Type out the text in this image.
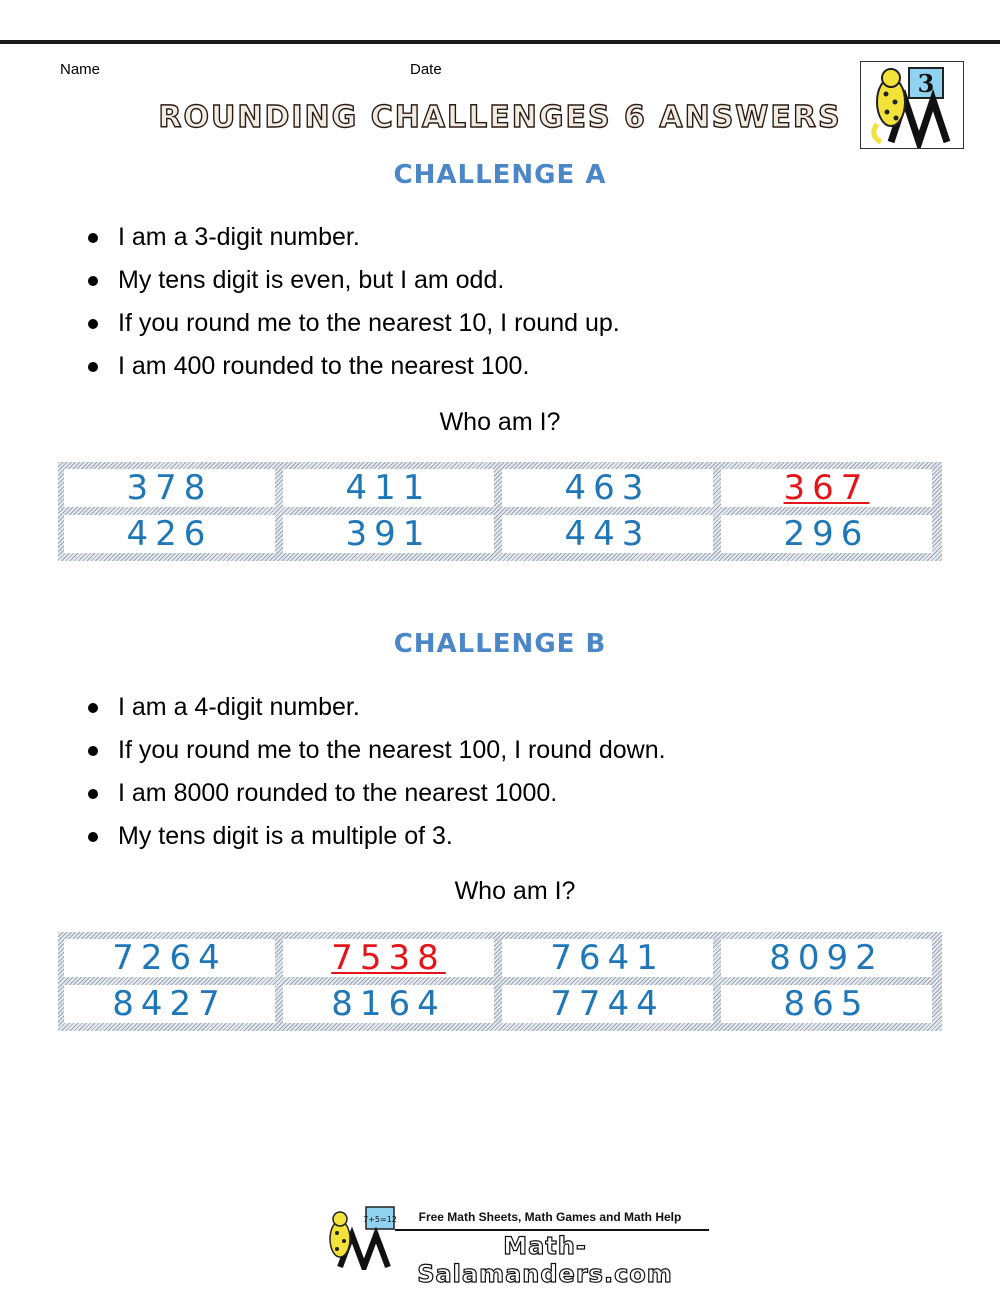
Name	Date
ROUNDING CHALLENGES 6 ANSWERS
3
CHALLENGE A
I am a 3-digit number.
My tens digit is even, but I am odd.
If you round me to the nearest 10, I round up.
I am 400 rounded to the nearest 100.
Who am I?
378	411	463	367
426	391	443	296
CHALLENGE B
I am a 4-digit number.
If you round me to the nearest 100, I round down.
I am 8000 rounded to the nearest 1000.
My tens digit is a multiple of 3.
Who am I?
7264	7538	7641	8092
8427	8164	7744	865
7+5=12	Free Math Sheets, Math Games and Math Help
Math-Salamanders.com
